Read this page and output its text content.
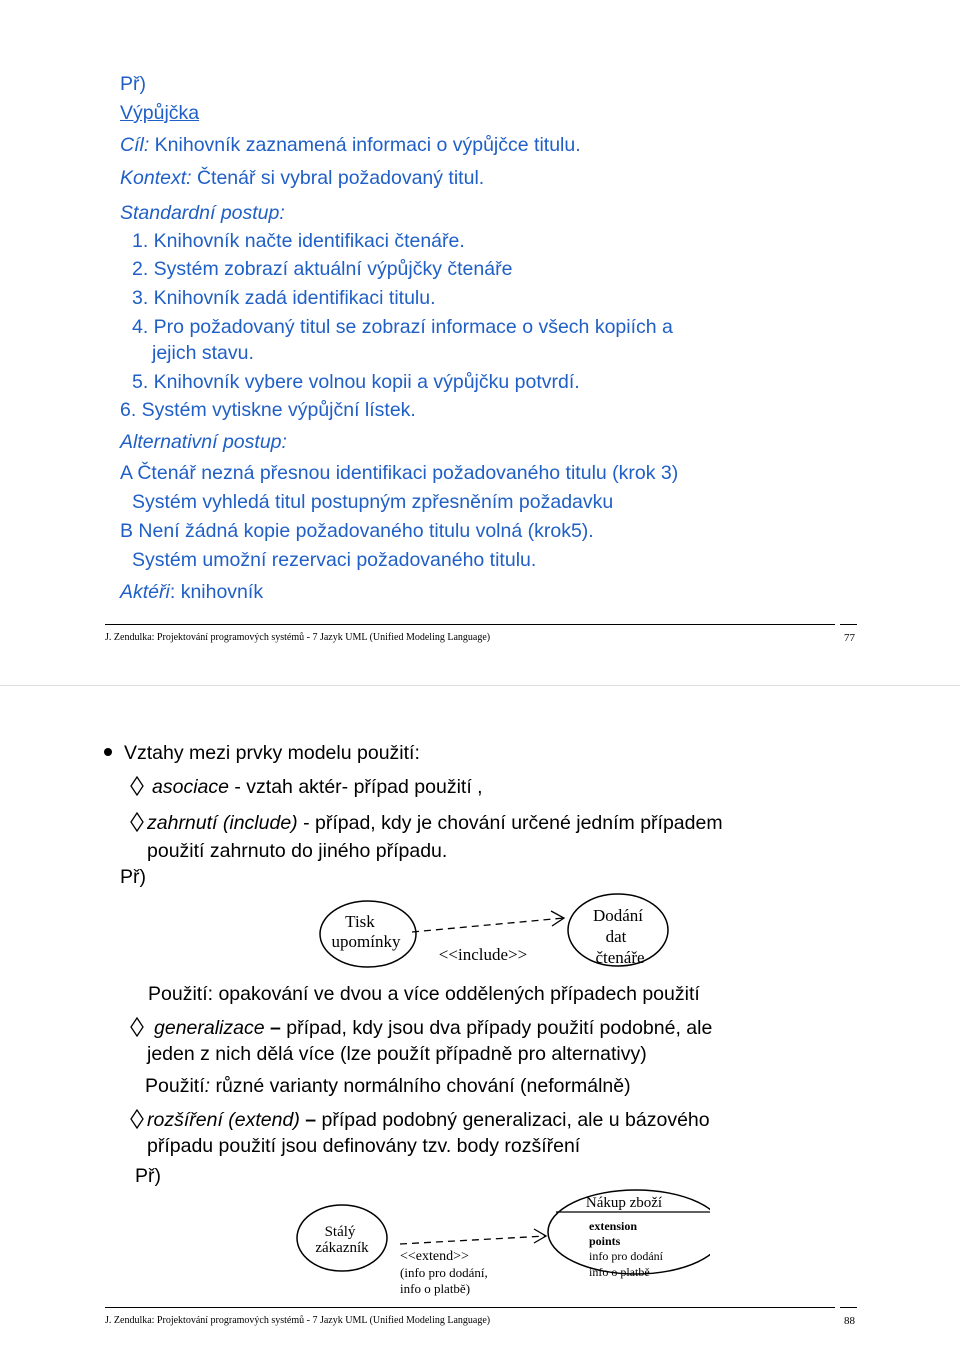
Př)
Výpůjčka
Cíl: Knihovník zaznamená informaci o výpůjčce titulu.
Kontext: Čtenář si vybral požadovaný titul.
Standardní postup:
1. Knihovník načte identifikaci čtenáře.
2. Systém zobrazí aktuální výpůjčky čtenáře
3. Knihovník zadá identifikaci titulu.
4. Pro požadovaný titul se zobrazí informace o všech kopiích a
jejich stavu.
5. Knihovník vybere volnou kopii a výpůjčku potvrdí.
6. Systém vytiskne výpůjční lístek.
Alternativní postup:
A Čtenář nezná přesnou identifikaci požadovaného titulu (krok 3)
Systém vyhledá titul postupným zpřesněním požadavku
B Není žádná kopie požadovaného titulu volná (krok5).
Systém umožní rezervaci požadovaného titulu.
Aktéři: knihovník
J. Zendulka: Projektování programových systémů - 7 Jazyk UML (Unified Modeling Language)	77
Vztahy mezi prvky modelu použití:
asociace - vztah aktér- případ použití ,
zahrnutí (include) - případ, kdy je chování určené jedním případem
použití zahrnuto do jiného případu.
Př)
Tisk
upomínky
<<include>>
Dodání
dat
čtenáře
Použití: opakování ve dvou a více oddělených případech použití
generalizace – případ, kdy jsou dva případy použití podobné, ale
jeden z nich dělá více (lze použít případně pro alternativy)
Použití: různé varianty normálního chování (neformálně)
rozšíření (extend) – případ podobný generalizaci, ale u bázového
případu použití jsou definovány tzv. body rozšíření
Př)
Stálý
zákazník
<<extend>>
(info pro dodání,
info o platbě)
Nákup zboží
extension
points
info pro dodání
info o platbě
J. Zendulka: Projektování programových systémů - 7 Jazyk UML (Unified Modeling Language)	88
